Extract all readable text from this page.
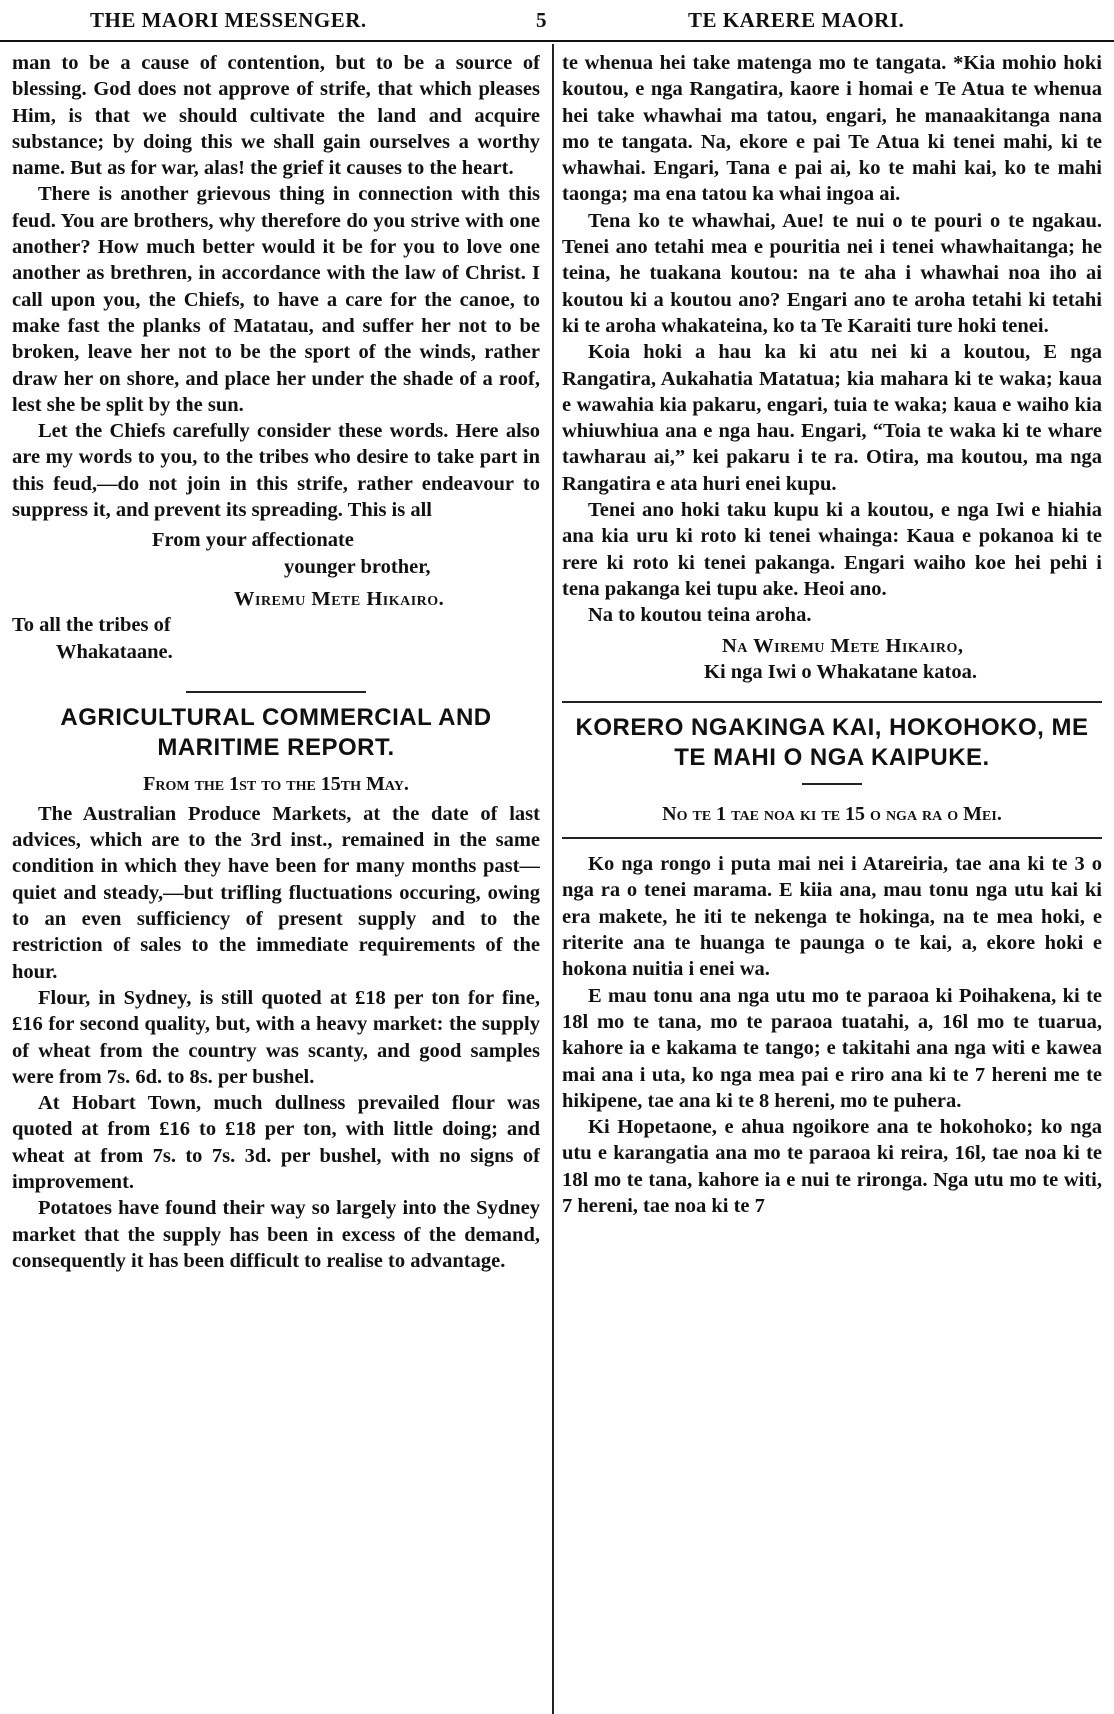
THE MAORI MESSENGER.	5	TE KARERE MAORI.

man to be a cause of contention, but to be a source of blessing. God does not approve of strife, that which pleases Him, is that we should cultivate the land and acquire substance; by doing this we shall gain ourselves a worthy name. But as for war, alas! the grief it causes to the heart.

There is another grievous thing in connection with this feud. You are brothers, why therefore do you strive with one another? How much better would it be for you to love one another as brethren, in accordance with the law of Christ. I call upon you, the Chiefs, to have a care for the canoe, to make fast the planks of Matatau, and suffer her not to be broken, leave her not to be the sport of the winds, rather draw her on shore, and place her under the shade of a roof, lest she be split by the sun.

Let the Chiefs carefully consider these words. Here also are my words to you, to the tribes who desire to take part in this feud,—do not join in this strife, rather endeavour to suppress it, and prevent its spreading. This is all

From your affectionate
younger brother,
Wiremu Mete Hikairo.
To all the tribes of
Whakataane.
AGRICULTURAL COMMERCIAL AND MARITIME REPORT.
From the 1st to the 15th May.

The Australian Produce Markets, at the date of last advices, which are to the 3rd inst., remained in the same condition in which they have been for many months past—quiet and steady,—but trifling fluctuations occuring, owing to an even sufficiency of present supply and to the restriction of sales to the immediate requirements of the hour.

Flour, in Sydney, is still quoted at £18 per ton for fine, £16 for second quality, but, with a heavy market: the supply of wheat from the country was scanty, and good samples were from 7s. 6d. to 8s. per bushel.

At Hobart Town, much dullness prevailed flour was quoted at from £16 to £18 per ton, with little doing; and wheat at from 7s. to 7s. 3d. per bushel, with no signs of improvement.

Potatoes have found their way so largely into the Sydney market that the supply has been in excess of the demand, consequently it has been difficult to realise to advantage.

te whenua hei take matenga mo te tangata. *Kia mohio hoki koutou, e nga Rangatira, kaore i homai e Te Atua te whenua hei take whawhai ma tatou, engari, he manaakitanga nana mo te tangata. Na, ekore e pai Te Atua ki tenei mahi, ki te whawhai. Engari, Tana e pai ai, ko te mahi kai, ko te mahi taonga; ma ena tatou ka whai ingoa ai.

Tena ko te whawhai, Aue! te nui o te pouri o te ngakau. Tenei ano tetahi mea e pouritia nei i tenei whawhaitanga; he teina, he tuakana koutou: na te aha i whawhai noa iho ai koutou ki a koutou ano? Engari ano te aroha tetahi ki tetahi ki te aroha whakateina, ko ta Te Karaiti ture hoki tenei.

Koia hoki a hau ka ki atu nei ki a koutou, E nga Rangatira, Aukahatia Matatua; kia mahara ki te waka; kaua e wawahia kia pakaru, engari, tuia te waka; kaua e waiho kia whiuwhiua ana e nga hau. Engari, “Toia te waka ki te whare tawharau ai,” kei pakaru i te ra. Otira, ma koutou, ma nga Rangatira e ata huri enei kupu.

Tenei ano hoki taku kupu ki a koutou, e nga Iwi e hiahia ana kia uru ki roto ki tenei whainga: Kaua e pokanoa ki te rere ki roto ki tenei pakanga. Engari waiho koe hei pehi i tena pakanga kei tupu ake. Heoi ano.

Na to koutou teina aroha.

Na Wiremu Mete Hikairo,
Ki nga Iwi o Whakatane katoa.
KORERO NGAKINGA KAI, HOKOHOKO, ME TE MAHI O NGA KAIPUKE.
No te 1 tae noa ki te 15 o nga ra o Mei.

Ko nga rongo i puta mai nei i Atareiria, tae ana ki te 3 o nga ra o tenei marama. E kiia ana, mau tonu nga utu kai ki era makete, he iti te nekenga te hokinga, na te mea hoki, e riterite ana te huanga te paunga o te kai, a, ekore hoki e hokona nuitia i enei wa.

E mau tonu ana nga utu mo te paraoa ki Poihakena, ki te 18l mo te tana, mo te paraoa tuatahi, a, 16l mo te tuarua, kahore ia e kakama te tango; e takitahi ana nga witi e kawea mai ana i uta, ko nga mea pai e riro ana ki te 7 hereni me te hikipene, tae ana ki te 8 hereni, mo te puhera.

Ki Hopetaone, e ahua ngoikore ana te hokohoko; ko nga utu e karangatia ana mo te paraoa ki reira, 16l, tae noa ki te 18l mo te tana, kahore ia e nui te rironga. Nga utu mo te witi, 7 hereni, tae noa ki te 7
